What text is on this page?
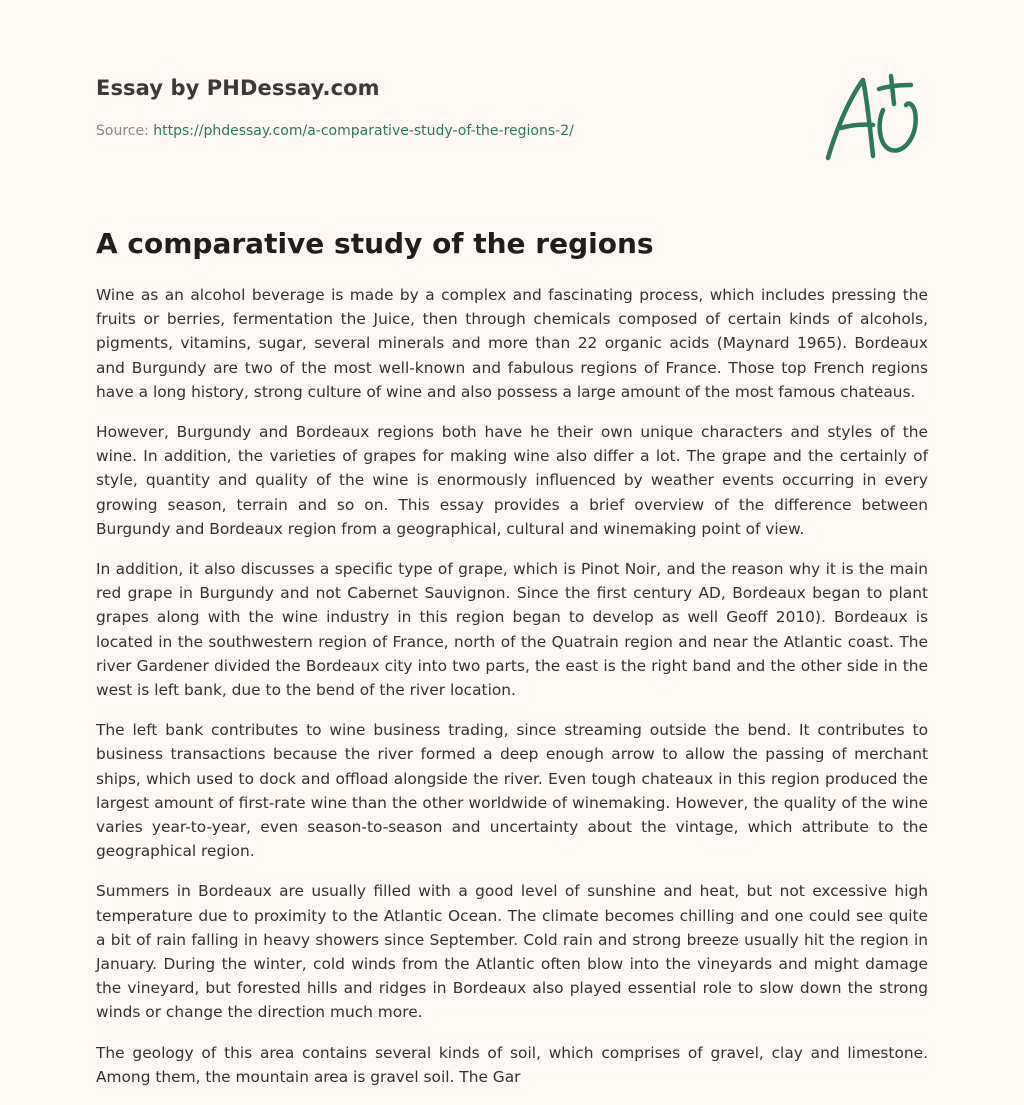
Essay by PHDessay.com
Source: https://phdessay.com/a-comparative-study-of-the-regions-2/
A comparative study of the regions

Wine as an alcohol beverage is made by a complex and fascinating process, which includes pressing the fruits or berries, fermentation the Juice, then through chemicals composed of certain kinds of alcohols, pigments, vitamins, sugar, several minerals and more than 22 organic acids (Maynard 1965). Bordeaux and Burgundy are two of the most well-known and fabulous regions of France. Those top French regions have a long history, strong culture of wine and also possess a large amount of the most famous chateaus.

However, Burgundy and Bordeaux regions both have he their own unique characters and styles of the wine. In addition, the varieties of grapes for making wine also differ a lot. The grape and the certainly of style, quantity and quality of the wine is enormously influenced by weather events occurring in every growing season, terrain and so on. This essay provides a brief overview of the difference between Burgundy and Bordeaux region from a geographical, cultural and winemaking point of view.

In addition, it also discusses a specific type of grape, which is Pinot Noir, and the reason why it is the main red grape in Burgundy and not Cabernet Sauvignon. Since the first century AD, Bordeaux began to plant grapes along with the wine industry in this region began to develop as well Geoff 2010). Bordeaux is located in the southwestern region of France, north of the Quatrain region and near the Atlantic coast. The river Gardener divided the Bordeaux city into two parts, the east is the right band and the other side in the west is left bank, due to the bend of the river location.

The left bank contributes to wine business trading, since streaming outside the bend. It contributes to business transactions because the river formed a deep enough arrow to allow the passing of merchant ships, which used to dock and offload alongside the river. Even tough chateaux in this region produced the largest amount of first-rate wine than the other worldwide of winemaking. However, the quality of the wine varies year-to-year, even season-to-season and uncertainty about the vintage, which attribute to the geographical region.

Summers in Bordeaux are usually filled with a good level of sunshine and heat, but not excessive high temperature due to proximity to the Atlantic Ocean. The climate becomes chilling and one could see quite a bit of rain falling in heavy showers since September. Cold rain and strong breeze usually hit the region in January. During the winter, cold winds from the Atlantic often blow into the vineyards and might damage the vineyard, but forested hills and ridges in Bordeaux also played essential role to slow down the strong winds or change the direction much more.

The geology of this area contains several kinds of soil, which comprises of gravel, clay and limestone. Among them, the mountain area is gravel soil. The Gar
